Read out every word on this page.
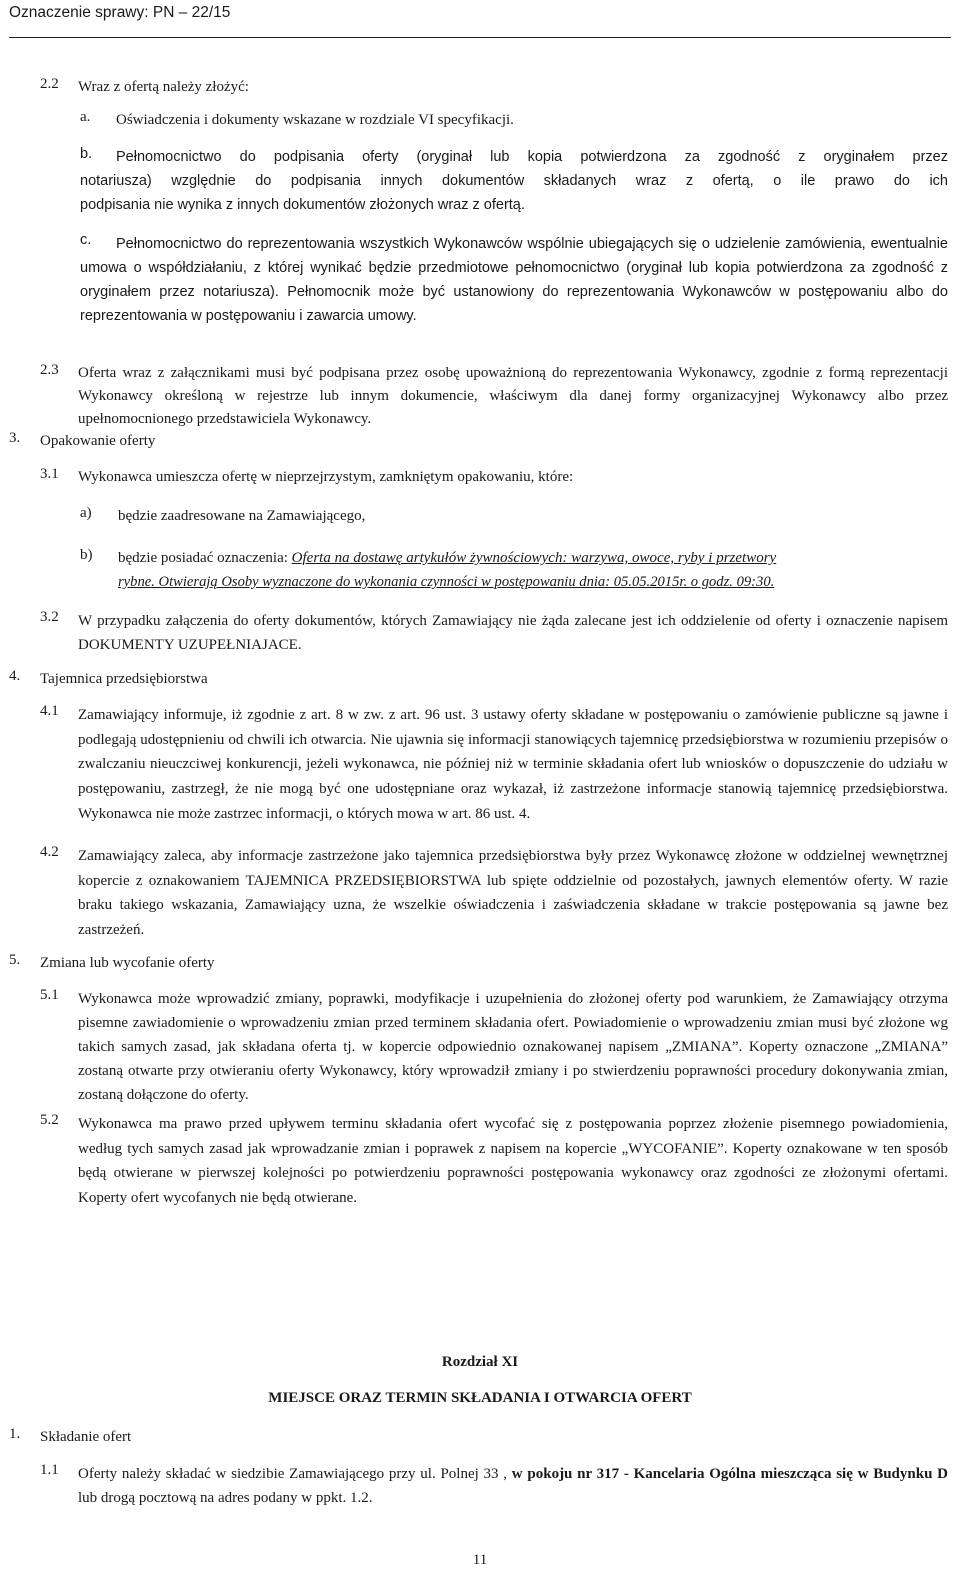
Oznaczenie sprawy: PN – 22/15
2.2 Wraz z ofertą należy złożyć:
a. Oświadczenia i dokumenty wskazane w rozdziale VI specyfikacji.
b. Pełnomocnictwo do podpisania oferty (oryginał lub kopia potwierdzona za zgodność z oryginałem przez
notariusza) względnie do podpisania innych dokumentów składanych wraz z ofertą, o ile prawo do ich
podpisania nie wynika z innych dokumentów złożonych wraz z ofertą.
c.	Pełnomocnictwo do reprezentowania wszystkich Wykonawców wspólnie ubiegających się o udzielenie zamówienia, ewentualnie umowa o współdziałaniu, z której wynikać będzie przedmiotowe pełnomocnictwo (oryginał lub kopia potwierdzona za zgodność z oryginałem przez notariusza). Pełnomocnik może być ustanowiony do reprezentowania Wykonawców w postępowaniu albo do reprezentowania w postępowaniu i zawarcia umowy.
2.3 Oferta wraz z załącznikami musi być podpisana przez osobę upoważnioną do reprezentowania Wykonawcy, zgodnie z formą reprezentacji Wykonawcy określoną w rejestrze lub innym dokumencie, właściwym dla danej formy organizacyjnej Wykonawcy albo przez upełnomocnionego przedstawiciela Wykonawcy.
3. Opakowanie oferty
3.1 Wykonawca umieszcza ofertę w nieprzejrzystym, zamkniętym opakowaniu, które:
a) będzie zaadresowane na Zamawiającego,
b) będzie posiadać oznaczenia: Oferta na dostawę artykułów żywnościowych: warzywa, owoce, ryby i przetwory
rybne. Otwierają Osoby wyznaczone do wykonania czynności w postępowaniu dnia: 05.05.2015r. o godz. 09:30.
3.2 W przypadku załączenia do oferty dokumentów, których Zamawiający nie żąda zalecane jest ich oddzielenie od oferty i oznaczenie napisem DOKUMENTY UZUPEŁNIAJACE.
4. Tajemnica przedsiębiorstwa
4.1 Zamawiający informuje, iż zgodnie z art. 8 w zw. z art. 96 ust. 3 ustawy oferty składane w postępowaniu o zamówienie publiczne są jawne i podlegają udostępnieniu od chwili ich otwarcia. Nie ujawnia się informacji stanowiących tajemnicę przedsiębiorstwa w rozumieniu przepisów o zwalczaniu nieuczciwej konkurencji, jeżeli wykonawca, nie później niż w terminie składania ofert lub wniosków o dopuszczenie do udziału w postępowaniu, zastrzegł, że nie mogą być one udostępniane oraz wykazał, iż zastrzeżone informacje stanowią tajemnicę przedsiębiorstwa. Wykonawca nie może zastrzec informacji, o których mowa w art. 86 ust. 4.
4.2 Zamawiający zaleca, aby informacje zastrzeżone jako tajemnica przedsiębiorstwa były przez Wykonawcę złożone w oddzielnej wewnętrznej kopercie z oznakowaniem TAJEMNICA PRZEDSIĘBIORSTWA lub spięte oddzielnie od pozostałych, jawnych elementów oferty. W razie braku takiego wskazania, Zamawiający uzna, że wszelkie oświadczenia i zaświadczenia składane w trakcie postępowania są jawne bez zastrzeżeń.
5. Zmiana lub wycofanie oferty
5.1 Wykonawca może wprowadzić zmiany, poprawki, modyfikacje i uzupełnienia do złożonej oferty pod warunkiem, że Zamawiający otrzyma pisemne zawiadomienie o wprowadzeniu zmian przed terminem składania ofert. Powiadomienie o wprowadzeniu zmian musi być złożone wg takich samych zasad, jak składana oferta tj. w kopercie odpowiednio oznakowanej napisem „ZMIANA”. Koperty oznaczone „ZMIANA” zostaną otwarte przy otwieraniu oferty Wykonawcy, który wprowadził zmiany i po stwierdzeniu poprawności procedury dokonywania zmian, zostaną dołączone do oferty.
5.2 Wykonawca ma prawo przed upływem terminu składania ofert wycofać się z postępowania poprzez złożenie pisemnego powiadomienia, według tych samych zasad jak wprowadzanie zmian i poprawek z napisem na kopercie „WYCOFANIE”. Koperty oznakowane w ten sposób będą otwierane w pierwszej kolejności po potwierdzeniu poprawności postępowania wykonawcy oraz zgodności ze złożonymi ofertami. Koperty ofert wycofanych nie będą otwierane.
Rozdział XI
MIEJSCE ORAZ TERMIN SKŁADANIA I OTWARCIA OFERT
1. Składanie ofert
1.1 Oferty należy składać w siedzibie Zamawiającego przy ul. Polnej 33 , w pokoju nr 317 - Kancelaria Ogólna mieszcząca się w Budynku D lub drogą pocztową na adres podany w ppkt. 1.2.
11
